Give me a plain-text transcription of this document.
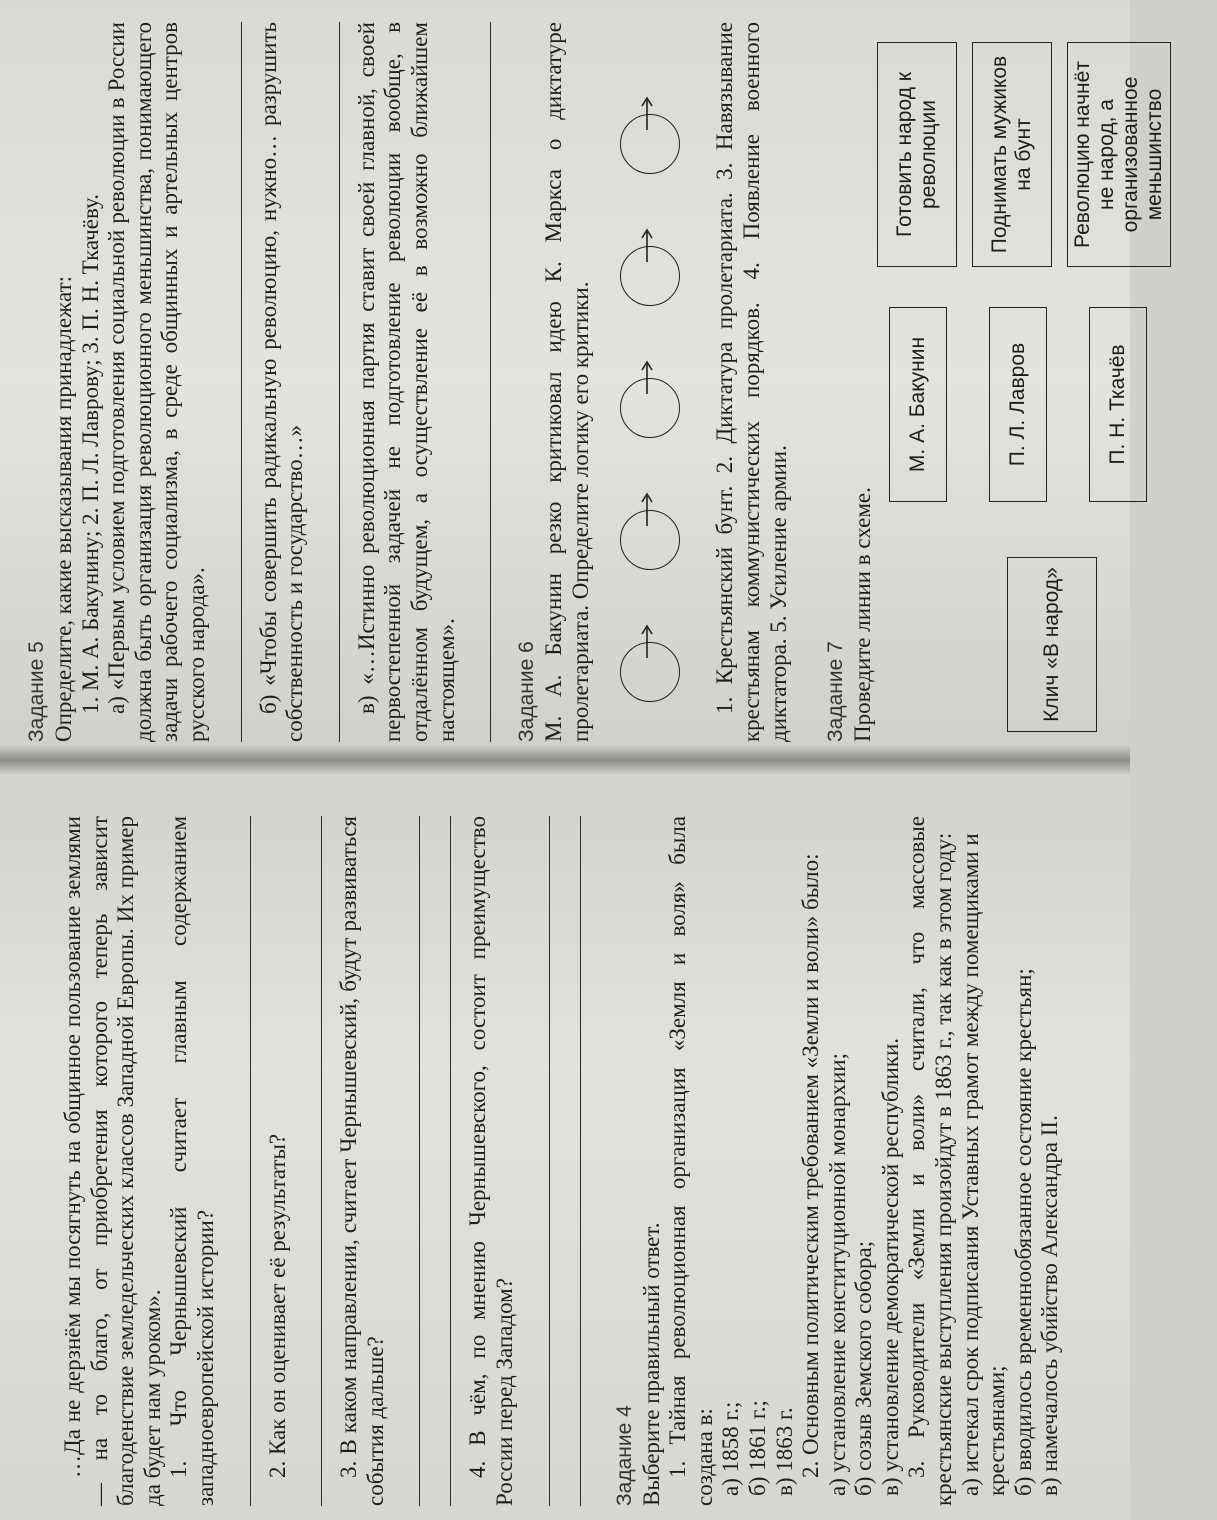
…Да не дерзнём мы посягнуть на общинное пользование землями — на то благо, от приобретения которого теперь зависит благоденствие земледельческих классов Западной Европы. Их пример да будет нам уроком». 1. Что Чернышевский считает главным содержанием западноевропейской истории? 2. Как он оценивает её результаты? 3. В каком направлении, считает Чернышевский, будут развиваться события дальше?	4. В чём, по мнению Чернышевского, состоит преимущество России перед Западом?	Задание 4 Выберите правильный ответ. 1. Тайная революционная организация «Земля и воля» была создана в: а) 1858 г.; б) 1861 г.; в) 1863 г. 2. Основным политическим требованием «Земли и воли» было: а) установление конституционной монархии; б) созыв Земского собора; в) установление демократической республики. 3. Руководители «Земли и воли» считали, что массовые крестьянские выступления произойдут в 1863 г., так как в этом году: а) истекал срок подписания Уставных грамот между помещиками и крестьянами; б) вводилось временнообязанное состояние крестьян; в) намечалось убийство Александра II.
Задание 5 Определите, какие высказывания принадлежат: 1. М. А. Бакунину; 2. П. Л. Лаврову; 3. П. Н. Ткачёву. а) «Первым условием подготовления социальной революции в России должна быть организация революционного меньшинства, понимающего задачи рабочего социализма, в среде общинных и артельных центров русского народа». б) «Чтобы совершить радикальную революцию, нужно… разрушить собственность и государство…» в) «…Истинно революционная партия ставит своей главной, своей первостепенной задачей не подготовление революции вообще, в отдалённом будущем, а осуществление её в возможно ближайшем настоящем».	Задание 6 М. А. Бакунин резко критиковал идею К. Маркса о диктатуре пролетариата. Определите логику его критики.	1. Крестьянский бунт. 2. Диктатура пролетариата. 3. Навязывание крестьянам коммунистических порядков. 4. Появление военного диктатора. 5. Усиление армии. Задание 7 Проведите линии в схеме.	Клич «В народ»
М. А. Бакунин	П. Л. Лавров	П. Н. Ткачёв
Готовить народ к революции	Поднимать мужиков на бунт	Революцию начнёт не народ, а организованное меньшинство
